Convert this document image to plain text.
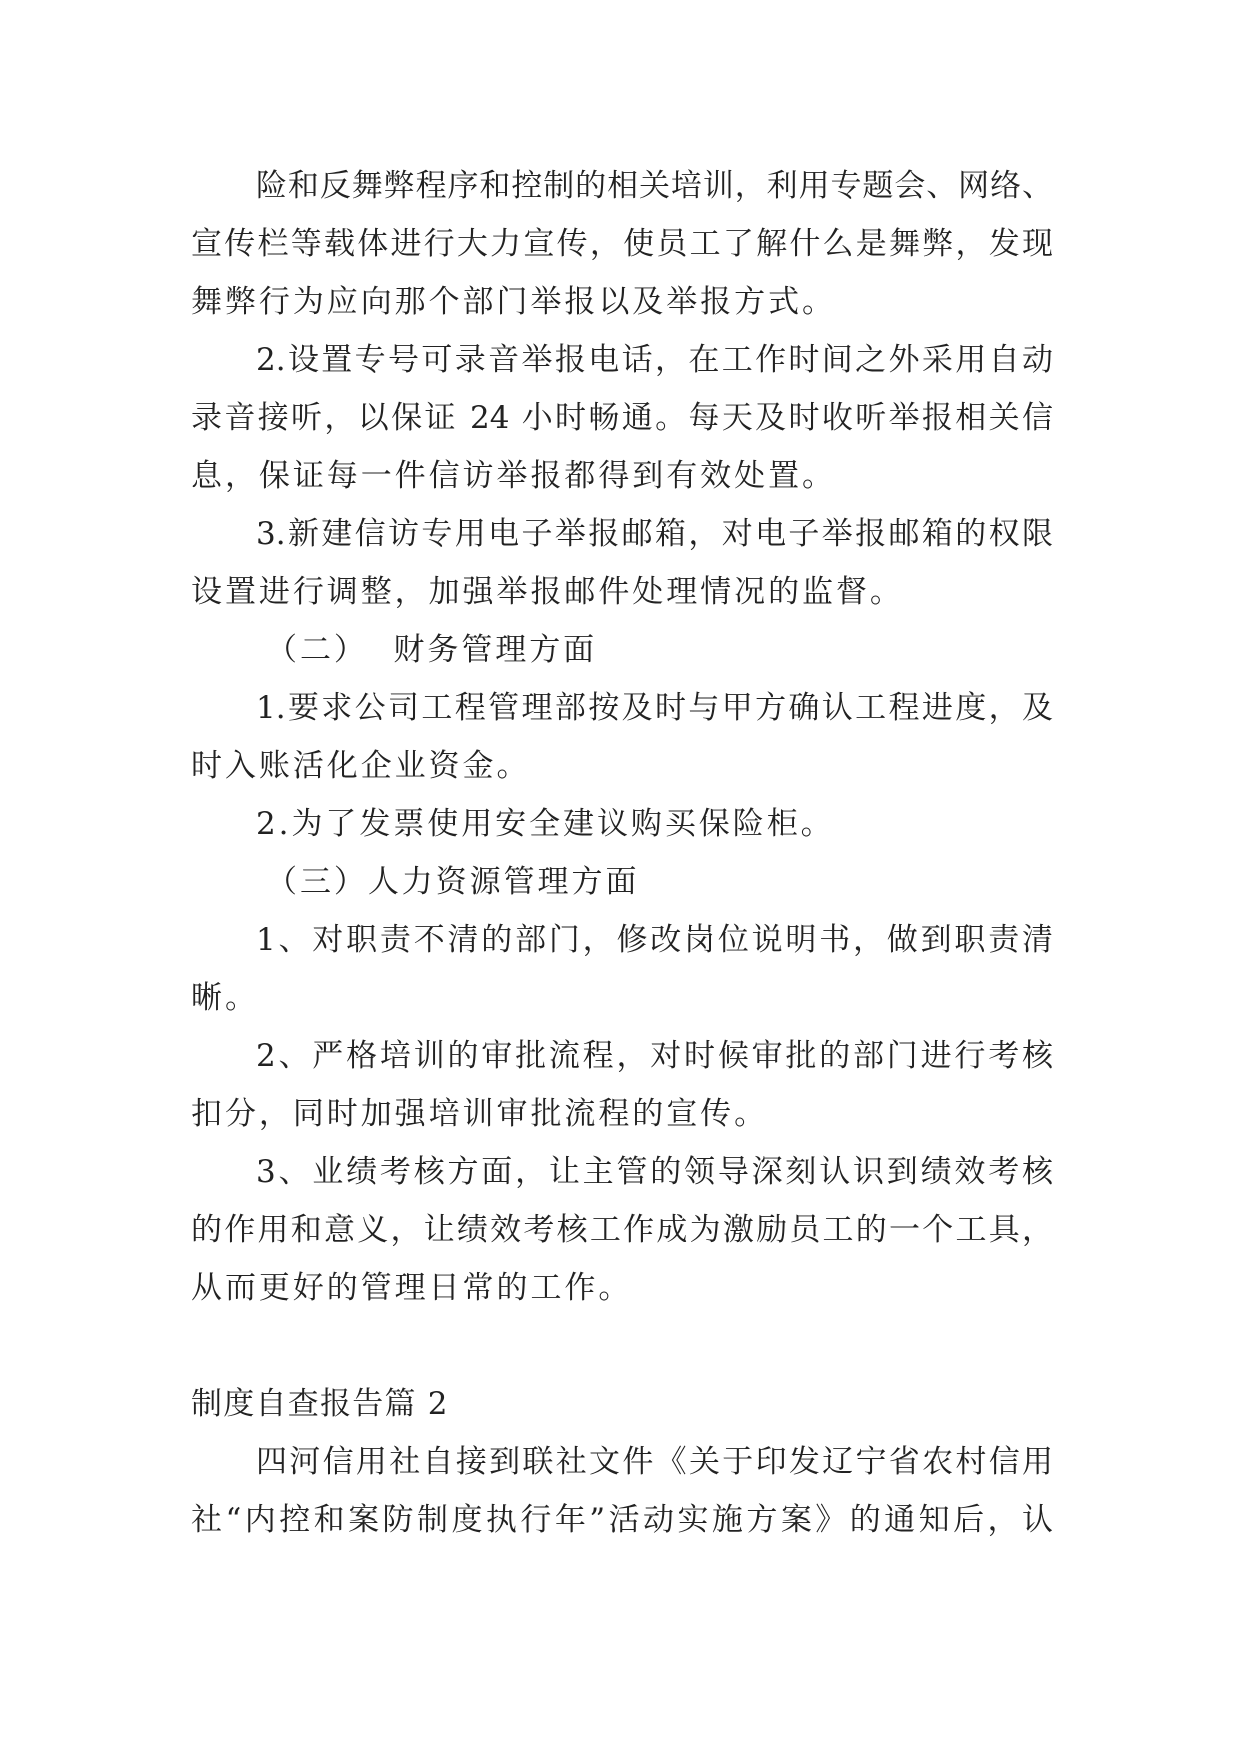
险和反舞弊程序和控制的相关培训，利用专题会、网络、
宣传栏等载体进行大力宣传，使员工了解什么是舞弊，发现
舞弊行为应向那个部门举报以及举报方式。
2.设置专号可录音举报电话，在工作时间之外采用自动
录音接听，以保证 24 小时畅通。每天及时收听举报相关信
息，保证每一件信访举报都得到有效处置。
3.新建信访专用电子举报邮箱，对电子举报邮箱的权限
设置进行调整，加强举报邮件处理情况的监督。
（二）  财务管理方面
1.要求公司工程管理部按及时与甲方确认工程进度，及
时入账活化企业资金。
2.为了发票使用安全建议购买保险柜。
（三）人力资源管理方面
1、对职责不清的部门，修改岗位说明书，做到职责清
晰。
2、严格培训的审批流程，对时候审批的部门进行考核
扣分，同时加强培训审批流程的宣传。
3、业绩考核方面，让主管的领导深刻认识到绩效考核
的作用和意义，让绩效考核工作成为激励员工的一个工具，
从而更好的管理日常的工作。
制度自查报告篇 2
四河信用社自接到联社文件《关于印发辽宁省农村信用
社“内控和案防制度执行年”活动实施方案》的通知后，认
